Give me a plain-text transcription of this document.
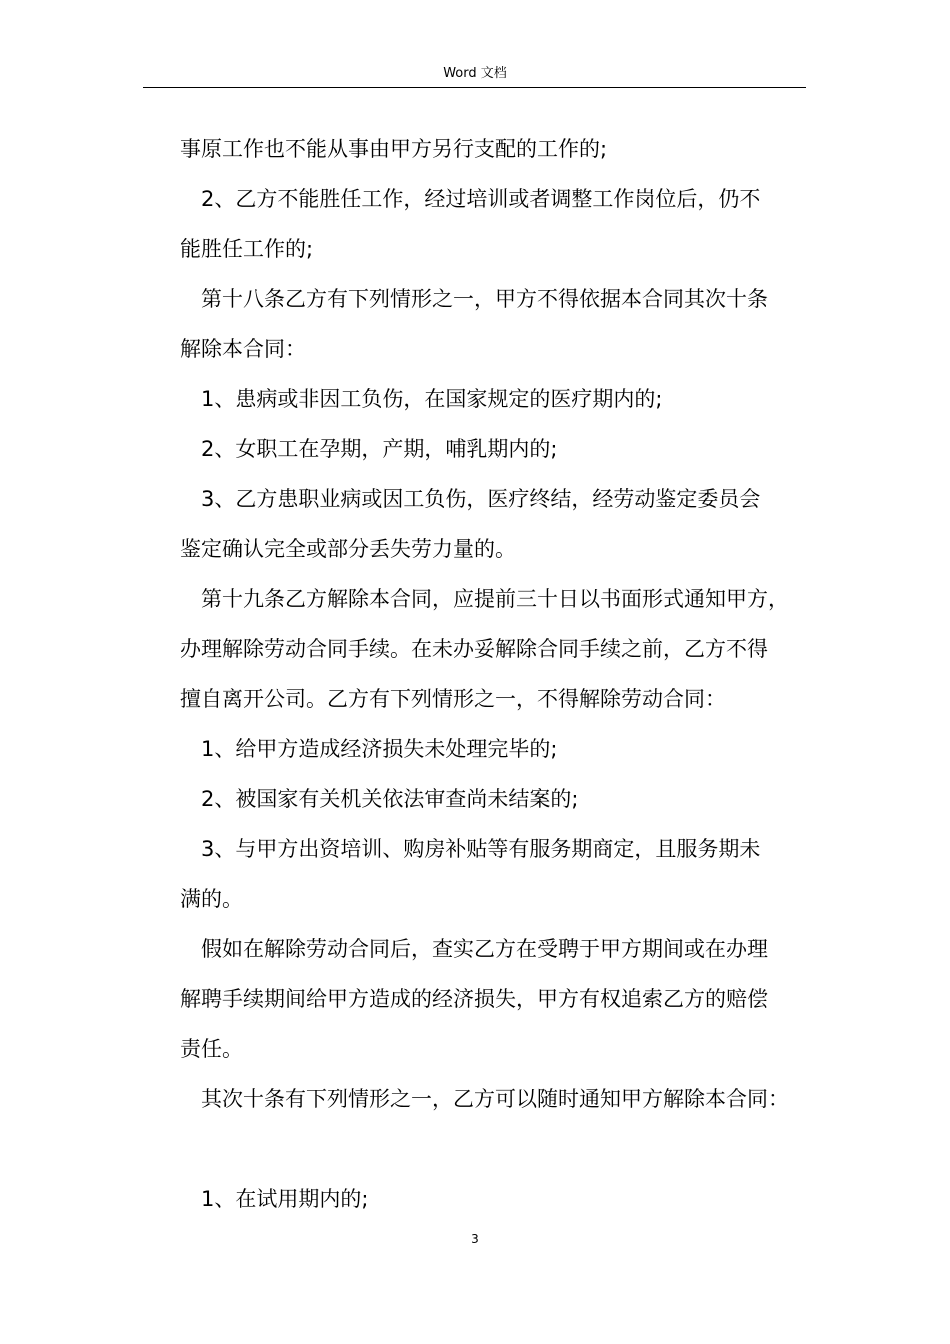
Word 文档

事原工作也不能从事由甲方另行支配的工作的;

2、乙方不能胜任工作，经过培训或者调整工作岗位后，仍不

能胜任工作的;

第十八条乙方有下列情形之一，甲方不得依据本合同其次十条

解除本合同：

1、患病或非因工负伤，在国家规定的医疗期内的;

2、女职工在孕期，产期，哺乳期内的;

3、乙方患职业病或因工负伤，医疗终结，经劳动鉴定委员会

鉴定确认完全或部分丢失劳力量的。

第十九条乙方解除本合同，应提前三十日以书面形式通知甲方，

办理解除劳动合同手续。在未办妥解除合同手续之前，乙方不得

擅自离开公司。乙方有下列情形之一，不得解除劳动合同：

1、给甲方造成经济损失未处理完毕的;

2、被国家有关机关依法审查尚未结案的;

3、与甲方出资培训、购房补贴等有服务期商定，且服务期未

满的。

假如在解除劳动合同后，查实乙方在受聘于甲方期间或在办理

解聘手续期间给甲方造成的经济损失，甲方有权追索乙方的赔偿

责任。

其次十条有下列情形之一，乙方可以随时通知甲方解除本合同：

1、在试用期内的;

3
